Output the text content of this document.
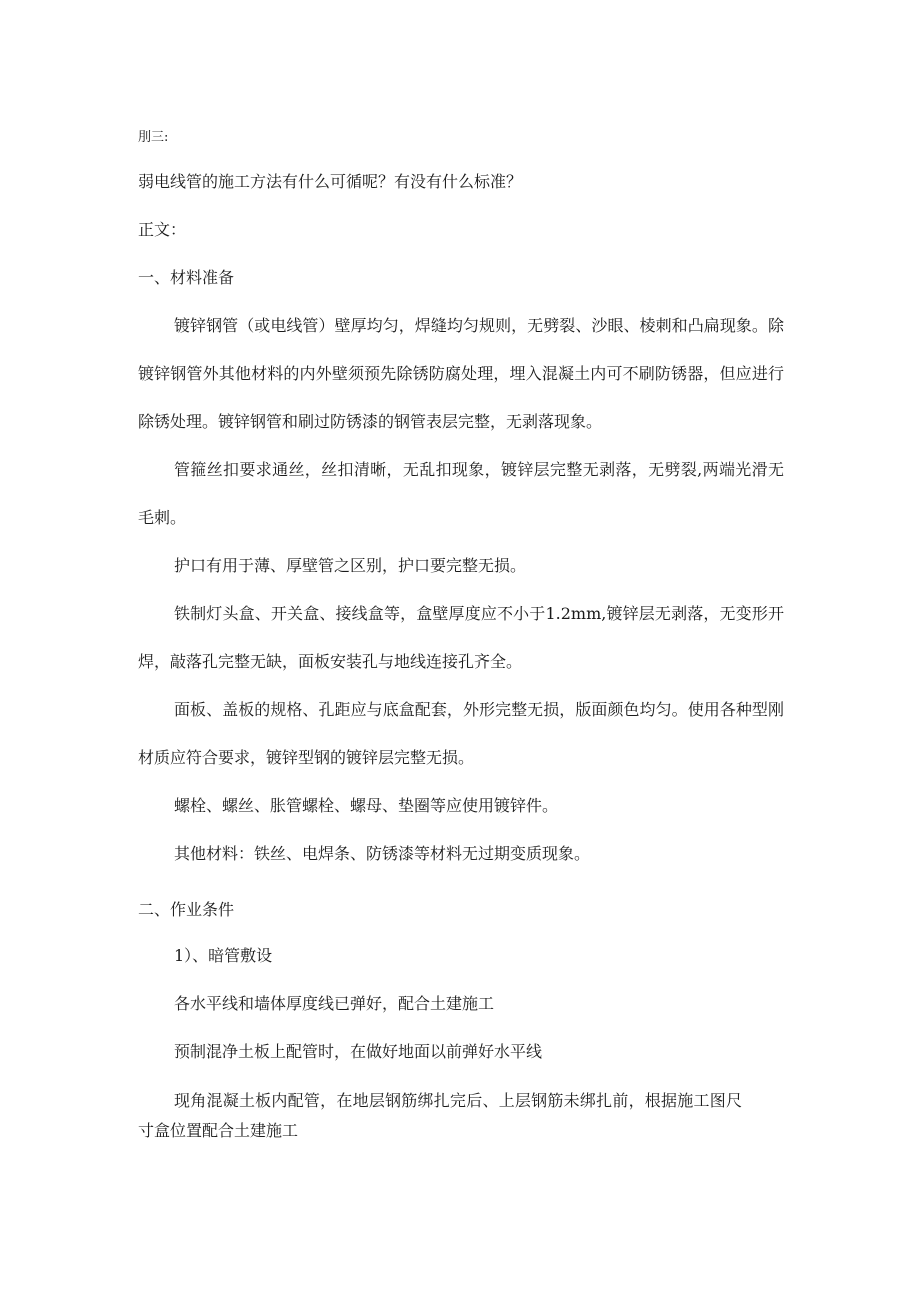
刖三:
弱电线管的施工方法有什么可循呢？有没有什么标准？
正文：
一、材料准备
镀锌钢管（或电线管）壁厚均匀，焊缝均匀规则，无劈裂、沙眼、棱刺和凸扁现象。除镀锌钢管外其他材料的内外壁须预先除锈防腐处理，埋入混凝土内可不刷防锈器，但应进行除锈处理。镀锌钢管和刷过防锈漆的钢管表层完整，无剥落现象。
管箍丝扣要求通丝，丝扣清晰，无乱扣现象，镀锌层完整无剥落，无劈裂,两端光滑无毛刺。
护口有用于薄、厚壁管之区别，护口要完整无损。
铁制灯头盒、开关盒、接线盒等，盒壁厚度应不小于1.2mm,镀锌层无剥落，无变形开焊，敲落孔完整无缺，面板安装孔与地线连接孔齐全。
面板、盖板的规格、孔距应与底盒配套，外形完整无损，版面颜色均匀。使用各种型刚材质应符合要求，镀锌型钢的镀锌层完整无损。
螺栓、螺丝、胀管螺栓、螺母、垫圈等应使用镀锌件。
其他材料：铁丝、电焊条、防锈漆等材料无过期变质现象。
二、作业条件
1）、暗管敷设
各水平线和墙体厚度线已弹好，配合土建施工
预制混净土板上配管时，在做好地面以前弹好水平线
现角混凝土板内配管，在地层钢筋绑扎完后、上层钢筋未绑扎前，根据施工图尺寸盒位置配合土建施工
